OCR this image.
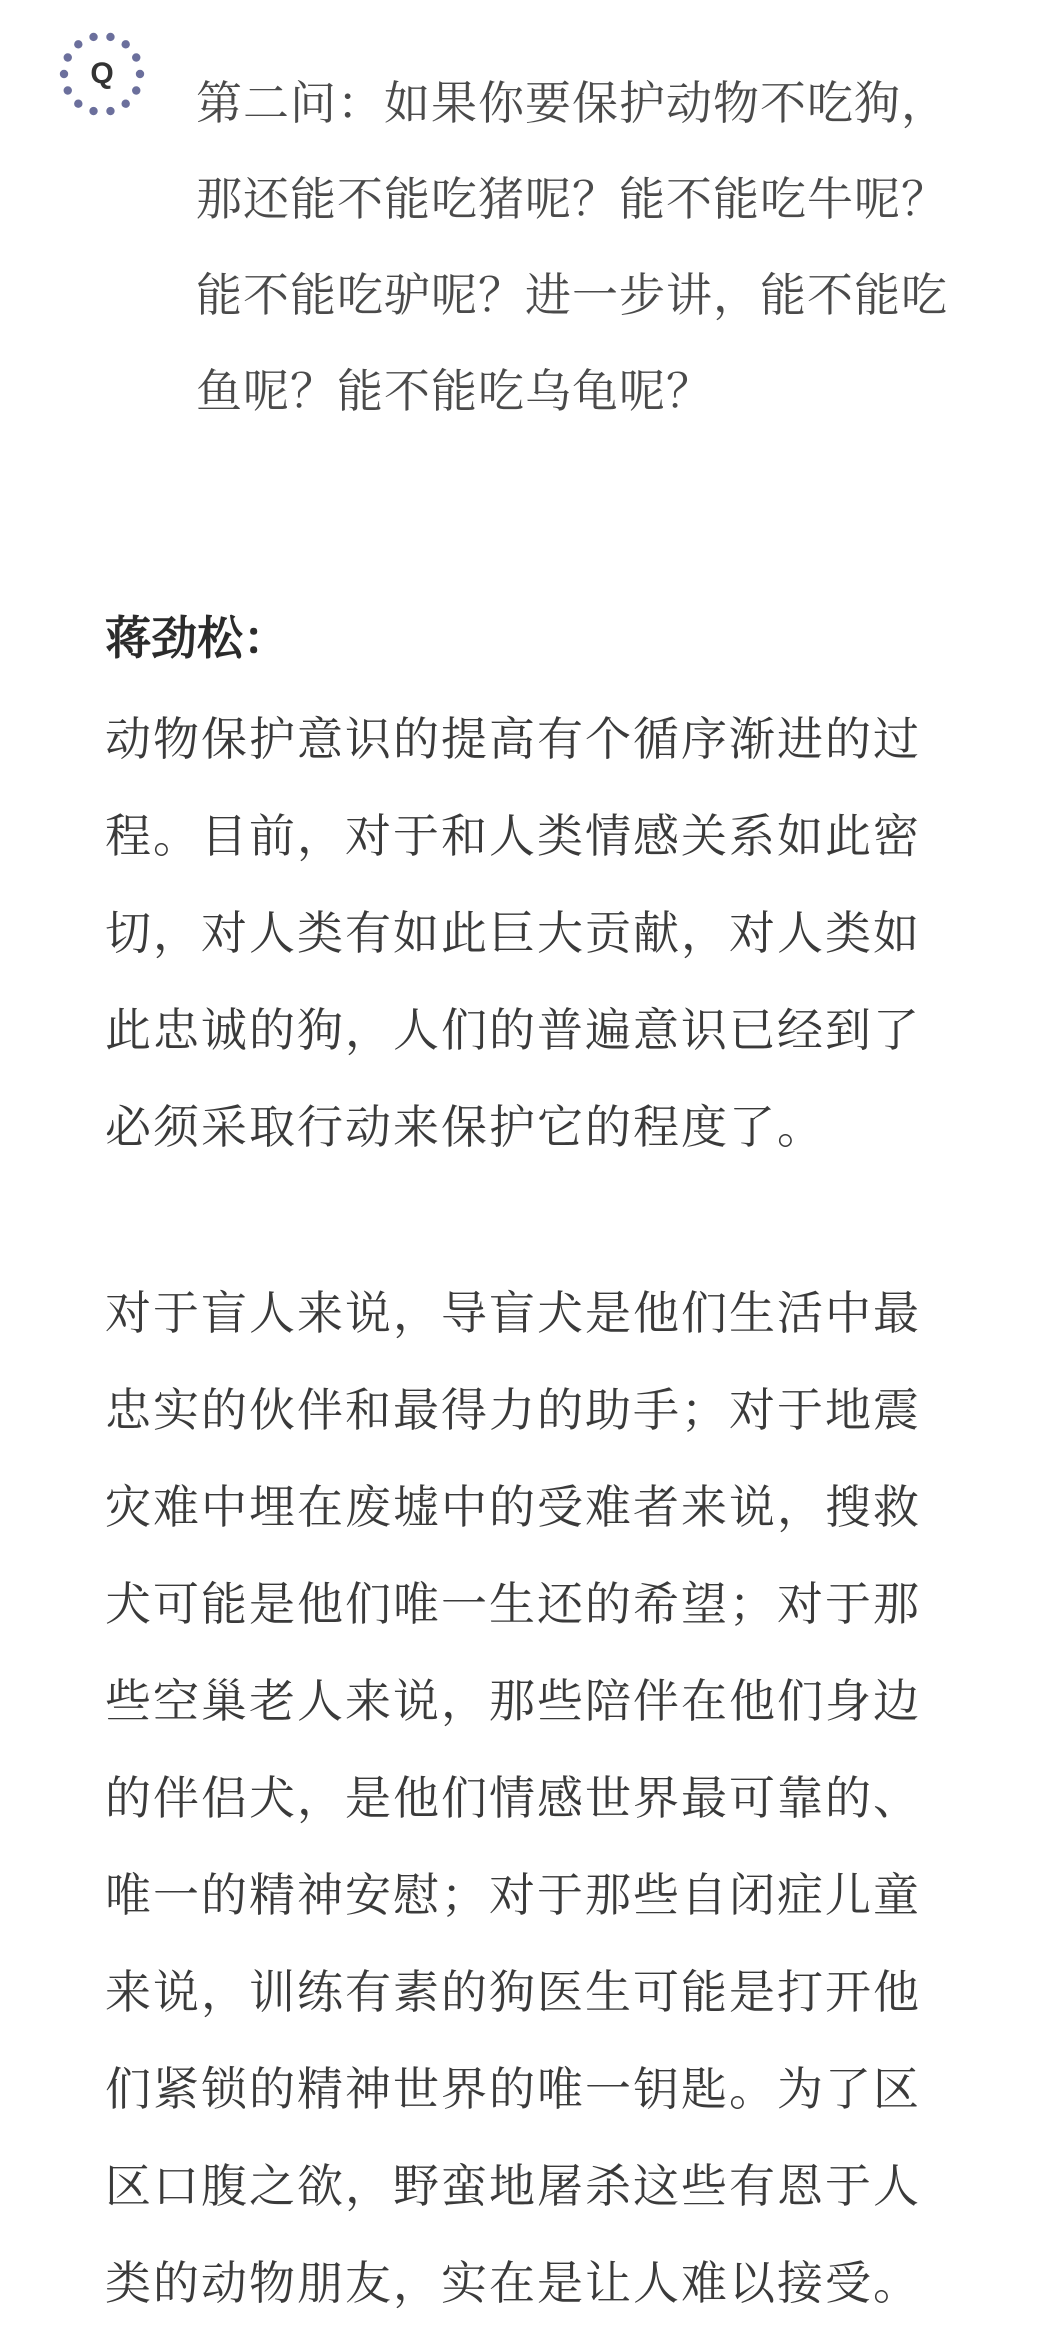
Q
第二问：如果你要保护动物不吃狗，
那还能不能吃猪呢？能不能吃牛呢？
能不能吃驴呢？进一步讲，能不能吃
鱼呢？能不能吃乌龟呢？
蒋劲松：
动物保护意识的提高有个循序渐进的过
程。目前，对于和人类情感关系如此密
切，对人类有如此巨大贡献，对人类如
此忠诚的狗，人们的普遍意识已经到了
必须采取行动来保护它的程度了。
对于盲人来说，导盲犬是他们生活中最
忠实的伙伴和最得力的助手；对于地震
灾难中埋在废墟中的受难者来说，搜救
犬可能是他们唯一生还的希望；对于那
些空巢老人来说，那些陪伴在他们身边
的伴侣犬，是他们情感世界最可靠的、
唯一的精神安慰；对于那些自闭症儿童
来说，训练有素的狗医生可能是打开他
们紧锁的精神世界的唯一钥匙。为了区
区口腹之欲，野蛮地屠杀这些有恩于人
类的动物朋友，实在是让人难以接受。
